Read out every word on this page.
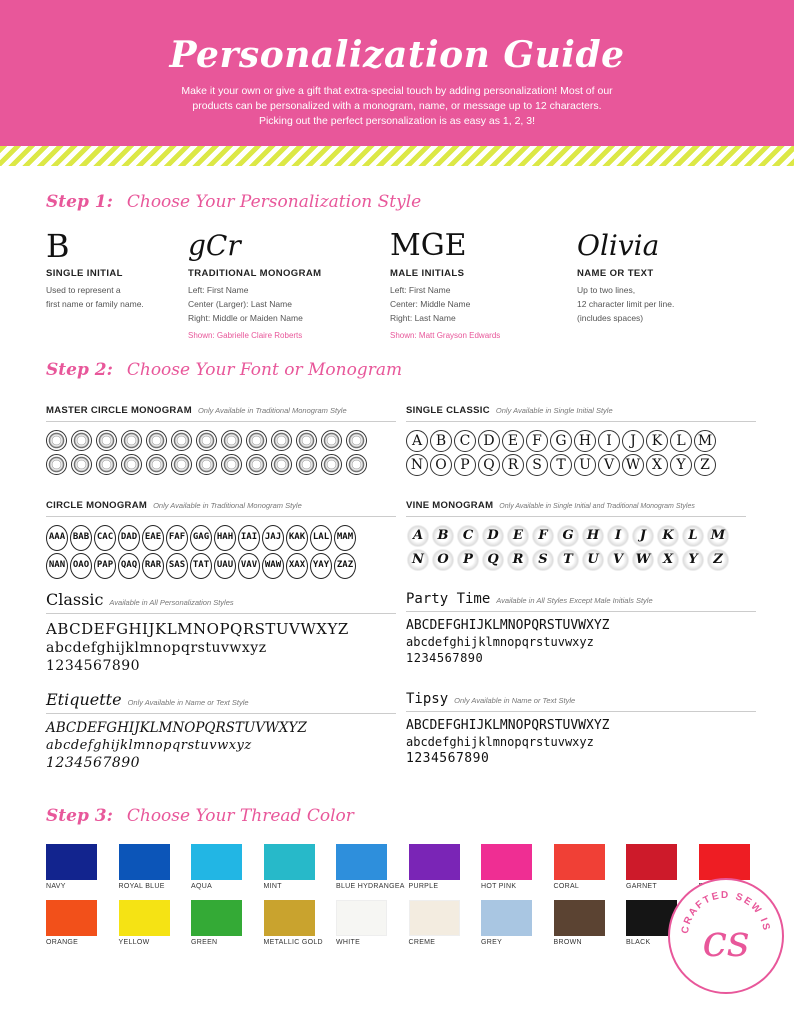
Personalization Guide

Make it your own or give a gift that extra-special touch by adding personalization! Most of our products can be personalized with a monogram, name, or message up to 12 characters. Picking out the perfect personalization is as easy as 1, 2, 3!

Step 1: Choose Your Personalization Style
B
SINGLE INITIAL
Used to represent a
first name or family name.
gCr
TRADITIONAL MONOGRAM
Left: First Name
Center (Larger): Last Name
Right: Middle or Maiden Name
Shown: Gabrielle Claire Roberts
MGE
MALE INITIALS
Left: First Name
Center: Middle Name
Right: Last Name
Shown: Matt Grayson Edwards
Olivia
NAME OR TEXT
Up to two lines,
12 character limit per line.
(includes spaces)
Step 2: Choose Your Font or Monogram
MASTER CIRCLE MONOGRAM Only Available in Traditional Monogram Style	SINGLE CLASSIC Only Available in Single Initial Style
A B C D E	F G H	I	J	K	L M
N O P Q R S	T U V W X	Y	Z
CIRCLE MONOGRAM Only Available in Traditional Monogram Style
AAA BAB CAC DAD EAE FAF GAG HAH IAI JAJ KAK LAL MAM
NAN OAO PAP QAQ RAR SAS TAT UAU VAV WAW XAX YAY ZAZ
VINE MONOGRAM Only Available in Single Initial and Traditional Monogram Styles
A	B	C	D	E	F	G	H	I	J	K	L	M
N	O	P	Q	R	S	T	U	V W X	Y	Z
Classic Available in All Personalization Styles
ABCDEFGHIJKLMNOPQRSTUVWXYZ
abcdefghijklmnopqrstuvwxyz
1234567890
Party Time Available in All Styles Except Male Initials Style
ABCDEFGHIJKLMNOPQRSTUVWXYZ
abcdefghijklmnopqrstuvwxyz
1234567890
Etiquette Only Available in Name or Text Style
ABCDEFGHIJKLMNOPQRSTUVWXYZ
abcdefghijklmnopqrstuvwxyz
1234567890
Tipsy Only Available in Name or Text Style
ABCDEFGHIJKLMNOPQRSTUVWXYZ
abcdefghijklmnopqrstuvwxyz
1234567890
Step 3: Choose Your Thread Color
NAVY	ROYAL BLUE	AQUA	MINT	BLUE HYDRANGEA PURPLE	HOT PINK	CORAL	GARNET
ORANGE	YELLOW	GREEN	METALLIC GOLD WHITE	CREME	GREY	BROWN	BLACK
CRAFTED SEW IS
cs
